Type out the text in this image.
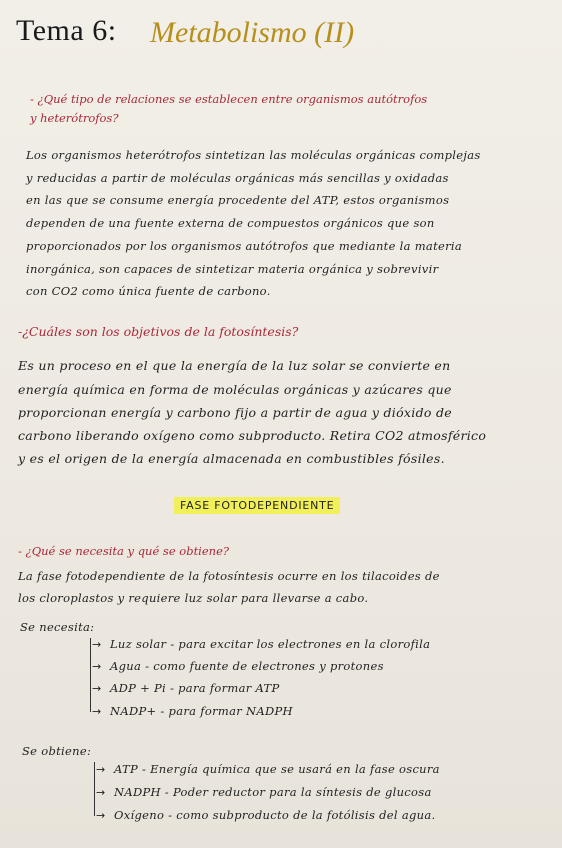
Tema 6: Metabolismo (II)
- ¿Qué tipo de relaciones se establecen entre organismos autótrofos
y heterótrofos?
Los organismos heterótrofos sintetizan las moléculas orgánicas complejas
y reducidas a partir de moléculas orgánicas más sencillas y oxidadas
en las que se consume energía procedente del ATP, estos organismos
dependen de una fuente externa de compuestos orgánicos que son
proporcionados por los organismos autótrofos que mediante la materia
inorgánica, son capaces de sintetizar materia orgánica y sobrevivir
con CO2 como única fuente de carbono.
-¿Cuáles son los objetivos de la fotosíntesis?
Es un proceso en el que la energía de la luz solar se convierte en
energía química en forma de moléculas orgánicas y azúcares que
proporcionan energía y carbono fijo a partir de agua y dióxido de
carbono liberando oxígeno como subproducto. Retira CO2 atmosférico
y es el origen de la energía almacenada en combustibles fósiles.
FASE FOTODEPENDIENTE
- ¿Qué se necesita y qué se obtiene?
La fase fotodependiente de la fotosíntesis ocurre en los tilacoides de
los cloroplastos y requiere luz solar para llevarse a cabo.
Se necesita:
→ Luz solar - para excitar los electrones en la clorofila
→ Agua - como fuente de electrones y protones
→ ADP + Pi - para formar ATP
→ NADP+ - para formar NADPH
Se obtiene:
→ ATP - Energía química que se usará en la fase oscura
→ NADPH - Poder reductor para la síntesis de glucosa
→ Oxígeno - como subproducto de la fotólisis del agua.
